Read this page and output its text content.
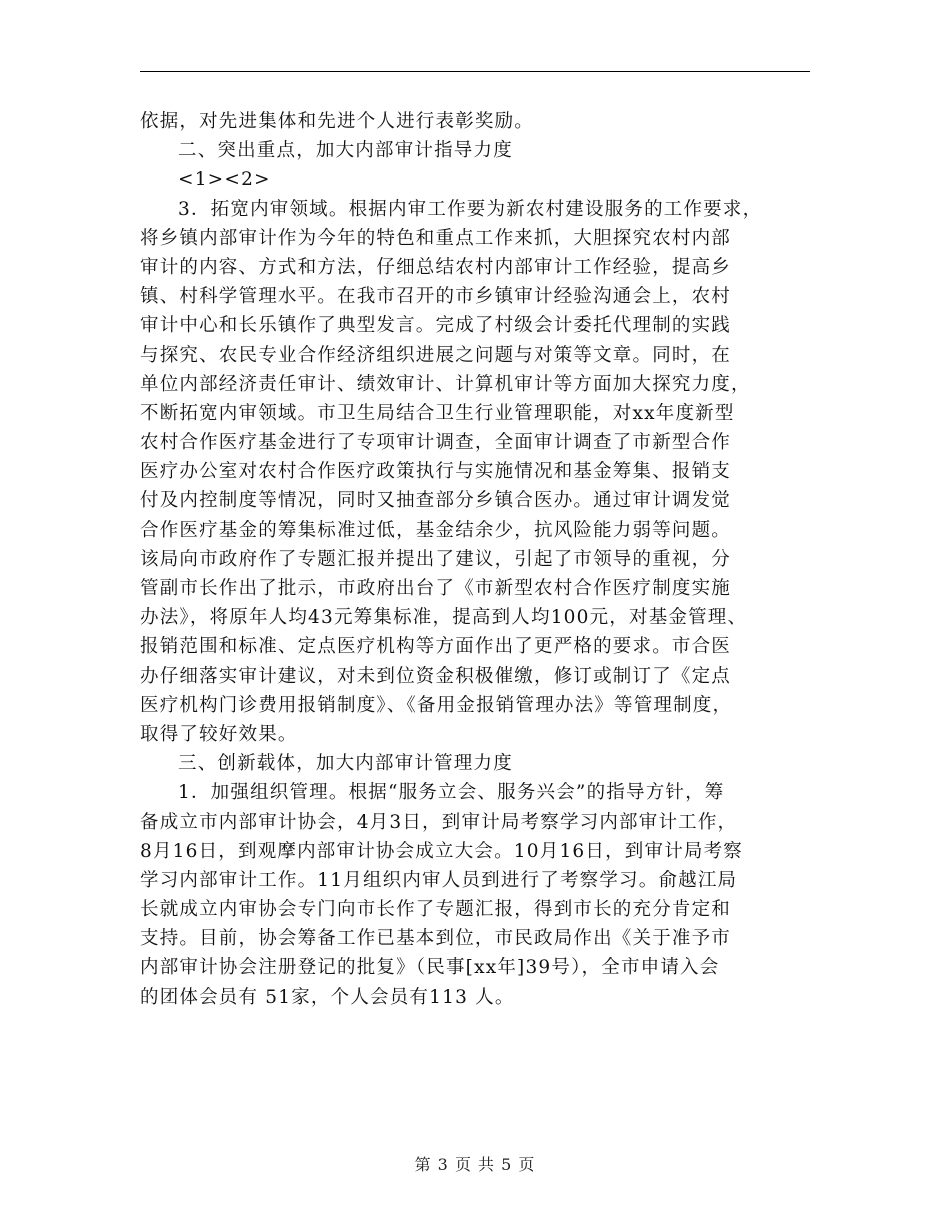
依据，对先进集体和先进个人进行表彰奖励。
二、突出重点，加大内部审计指导力度
<1><2>
3．拓宽内审领域。根据内审工作要为新农村建设服务的工作要求，
将乡镇内部审计作为今年的特色和重点工作来抓，大胆探究农村内部
审计的内容、方式和方法，仔细总结农村内部审计工作经验，提高乡
镇、村科学管理水平。在我市召开的市乡镇审计经验沟通会上，农村
审计中心和长乐镇作了典型发言。完成了村级会计委托代理制的实践
与探究、农民专业合作经济组织进展之问题与对策等文章。同时，在
单位内部经济责任审计、绩效审计、计算机审计等方面加大探究力度，
不断拓宽内审领域。市卫生局结合卫生行业管理职能，对xx年度新型
农村合作医疗基金进行了专项审计调查，全面审计调查了市新型合作
医疗办公室对农村合作医疗政策执行与实施情况和基金筹集、报销支
付及内控制度等情况，同时又抽查部分乡镇合医办。通过审计调发觉
合作医疗基金的筹集标准过低，基金结余少，抗风险能力弱等问题。
该局向市政府作了专题汇报并提出了建议，引起了市领导的重视，分
管副市长作出了批示，市政府出台了《市新型农村合作医疗制度实施
办法》，将原年人均43元筹集标准，提高到人均100元，对基金管理、
报销范围和标准、定点医疗机构等方面作出了更严格的要求。市合医
办仔细落实审计建议，对未到位资金积极催缴，修订或制订了《定点
医疗机构门诊费用报销制度》、《备用金报销管理办法》等管理制度，
取得了较好效果。
三、创新载体，加大内部审计管理力度
1．加强组织管理。根据“服务立会、服务兴会”的指导方针，筹
备成立市内部审计协会，4月3日，到审计局考察学习内部审计工作，
8月16日，到观摩内部审计协会成立大会。10月16日，到审计局考察
学习内部审计工作。11月组织内审人员到进行了考察学习。俞越江局
长就成立内审协会专门向市长作了专题汇报，得到市长的充分肯定和
支持。目前，协会筹备工作已基本到位，市民政局作出《关于准予市
内部审计协会注册登记的批复》（民事[xx年]39号），全市申请入会
的团体会员有 51家，个人会员有113 人。
第 3 页 共 5 页
